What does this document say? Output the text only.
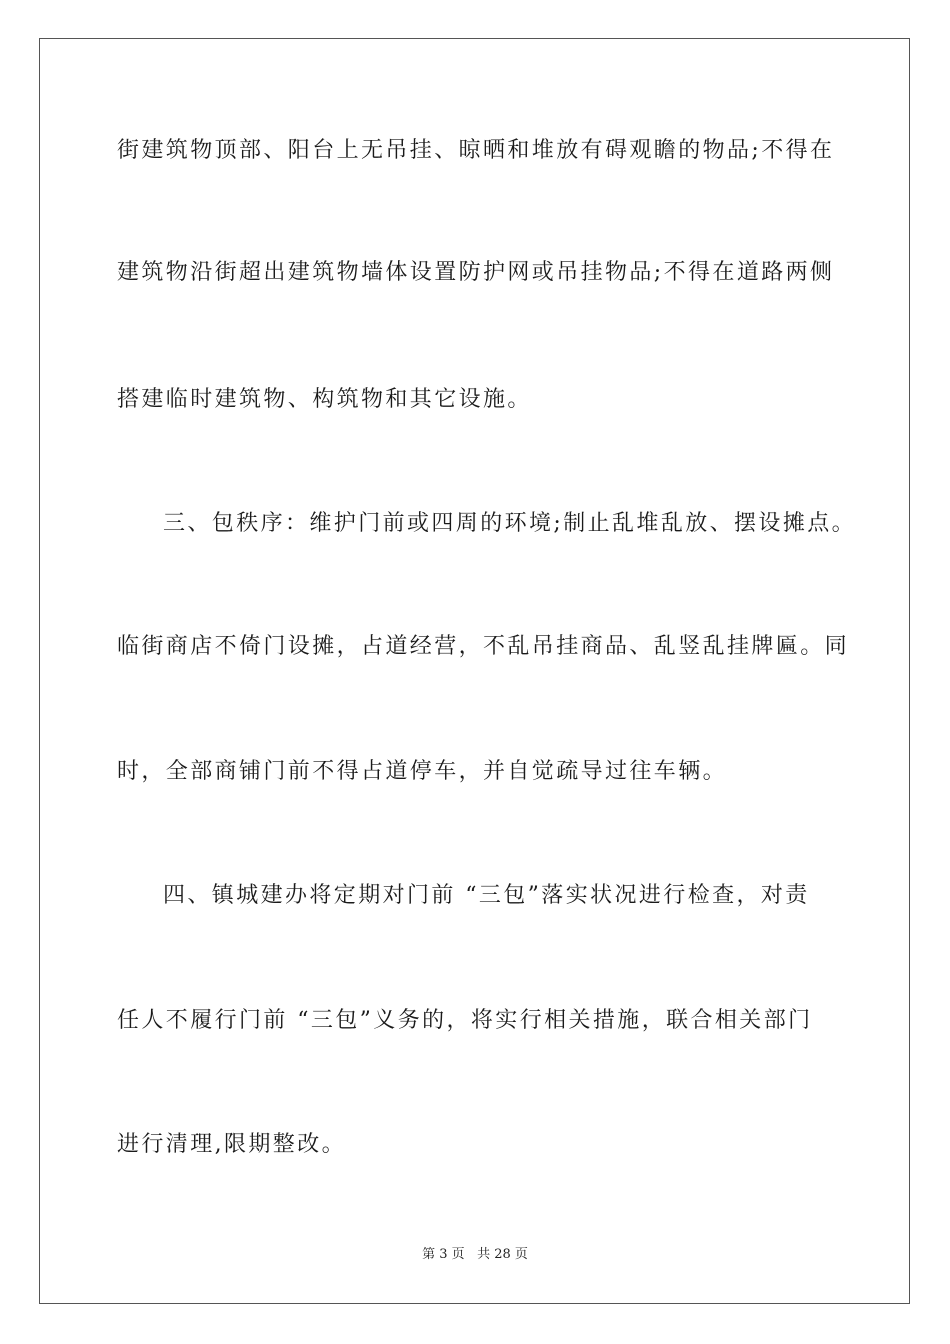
街建筑物顶部、阳台上无吊挂、晾晒和堆放有碍观瞻的物品;不得在
建筑物沿街超出建筑物墙体设置防护网或吊挂物品;不得在道路两侧
搭建临时建筑物、构筑物和其它设施。
三、包秩序：维护门前或四周的环境;制止乱堆乱放、摆设摊点。
临街商店不倚门设摊，占道经营，不乱吊挂商品、乱竖乱挂牌匾。同
时，全部商铺门前不得占道停车，并自觉疏导过往车辆。
四、镇城建办将定期对门前 “三包”落实状况进行检查，对责
任人不履行门前 “三包”义务的，将实行相关措施，联合相关部门
进行清理,限期整改。
第 3 页 共 28 页
